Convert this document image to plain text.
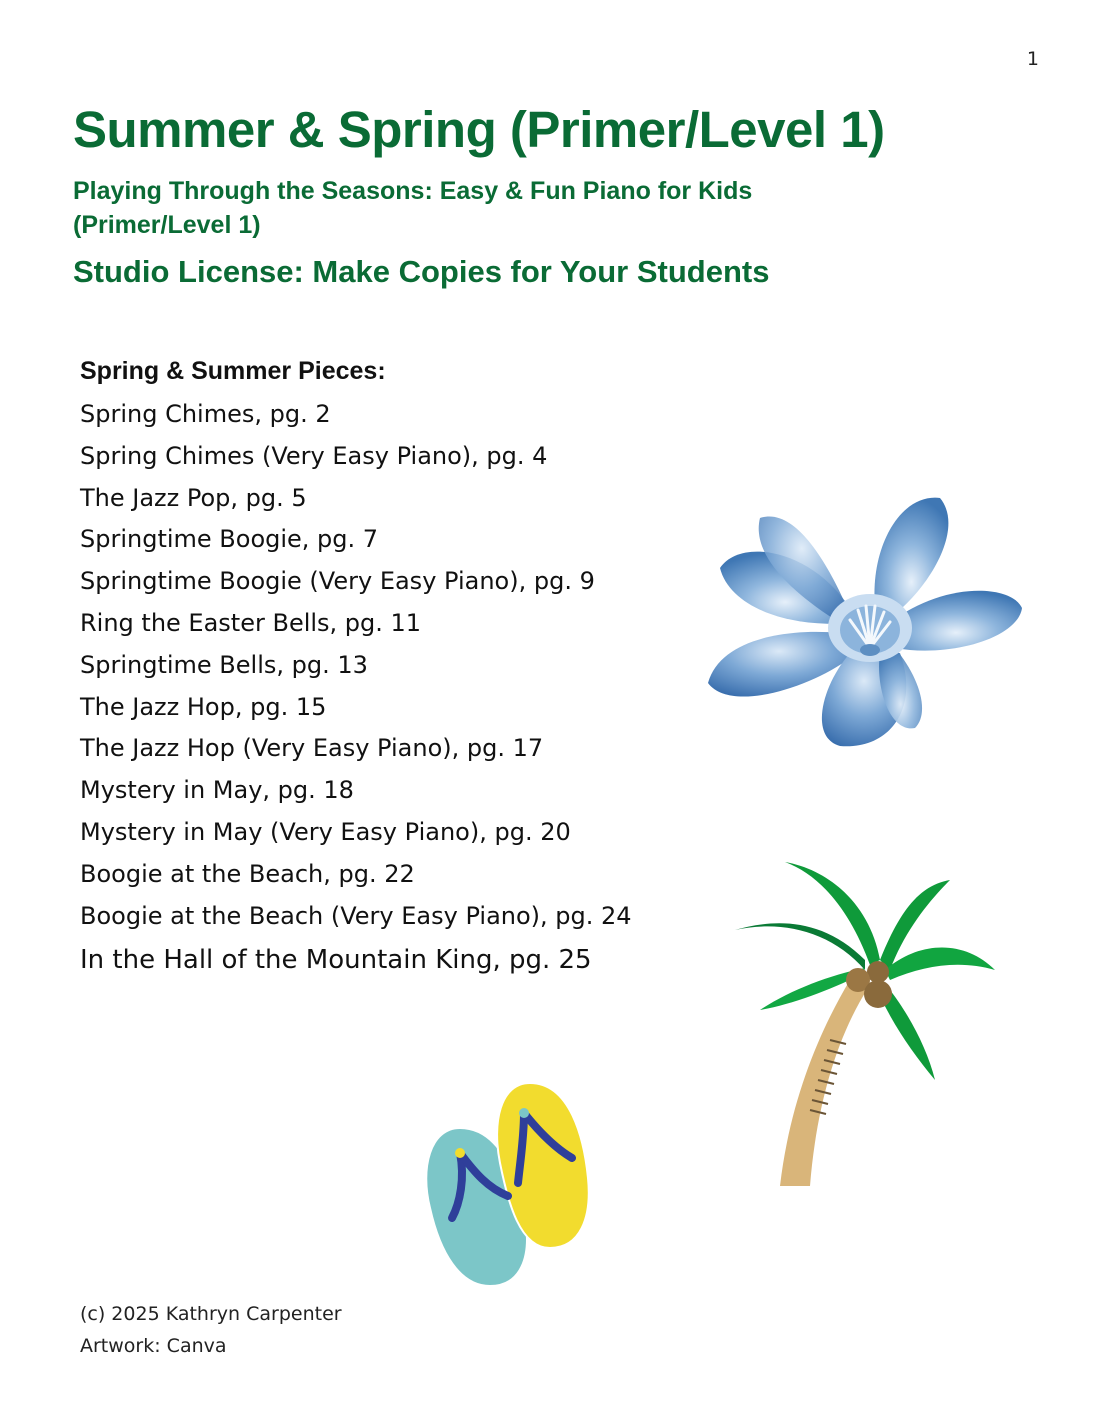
1
Summer & Spring (Primer/Level 1)
Playing Through the Seasons: Easy & Fun Piano for Kids
(Primer/Level 1)
Studio License: Make Copies for Your Students
Spring & Summer Pieces:
Spring Chimes, pg. 2
Spring Chimes (Very Easy Piano), pg. 4
The Jazz Pop, pg. 5
Springtime Boogie, pg. 7
Springtime Boogie (Very Easy Piano), pg. 9
Ring the Easter Bells, pg. 11
Springtime Bells, pg. 13
The Jazz Hop, pg. 15
The Jazz Hop (Very Easy Piano), pg. 17
Mystery in May, pg. 18
Mystery in May (Very Easy Piano), pg. 20
Boogie at the Beach, pg. 22
Boogie at the Beach (Very Easy Piano), pg. 24
In the Hall of the Mountain King, pg. 25
(c) 2025 Kathryn Carpenter
Artwork: Canva
